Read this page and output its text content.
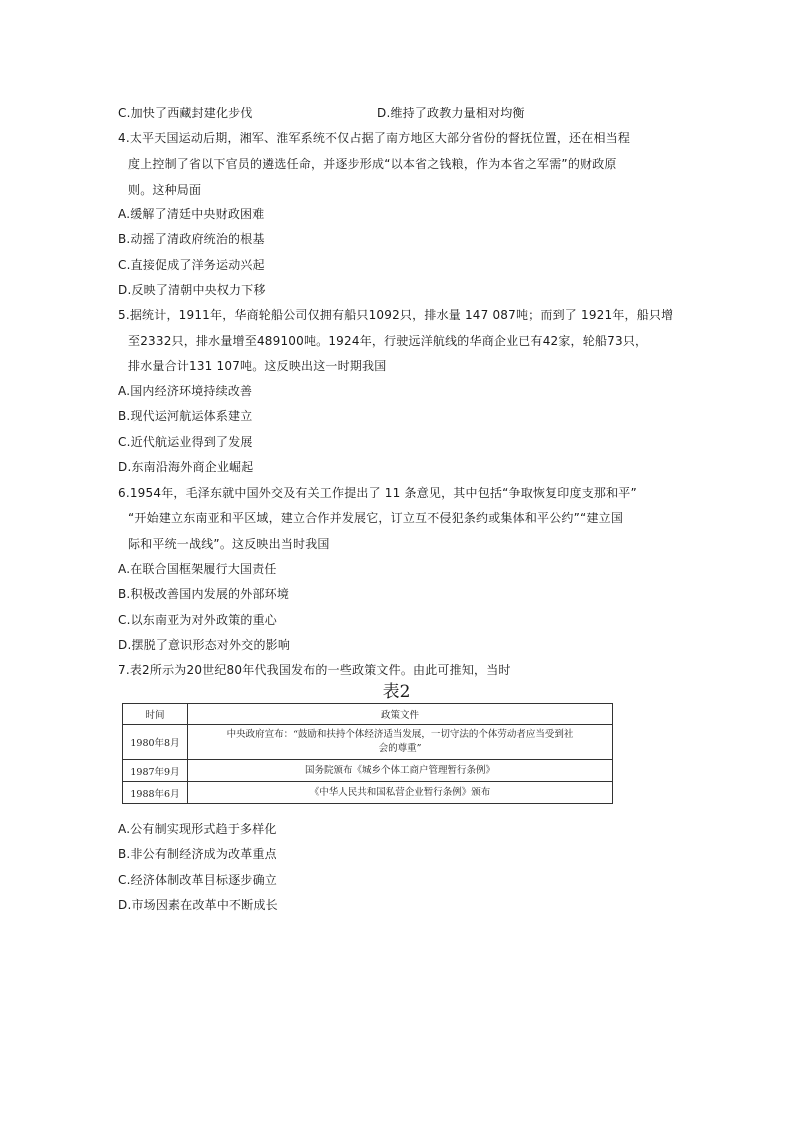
C.加快了西藏封建化步伐	D.维持了政教力量相对均衡
4.太平天国运动后期，湘军、淮军系统不仅占据了南方地区大部分省份的督抚位置，还在相当程
度上控制了省以下官员的遴选任命，并逐步形成“以本省之钱粮，作为本省之军需”的财政原
则。这种局面
A.缓解了清廷中央财政困难
B.动摇了清政府统治的根基
C.直接促成了洋务运动兴起
D.反映了清朝中央权力下移
5.据统计，1911年，华商轮船公司仅拥有船只1092只，排水量 147 087吨；而到了 1921年，船只增
至2332只，排水量增至489100吨。1924年，行驶远洋航线的华商企业已有42家，轮船73只，
排水量合计131 107吨。这反映出这一时期我国
A.国内经济环境持续改善
B.现代运河航运体系建立
C.近代航运业得到了发展
D.东南沿海外商企业崛起
6.1954年，毛泽东就中国外交及有关工作提出了 11 条意见，其中包括“争取恢复印度支那和平”
“开始建立东南亚和平区域，建立合作并发展它，订立互不侵犯条约或集体和平公约”“建立国
际和平统一战线”。这反映出当时我国
A.在联合国框架履行大国责任
B.积极改善国内发展的外部环境
C.以东南亚为对外政策的重心
D.摆脱了意识形态对外交的影响
7.表2所示为20世纪80年代我国发布的一些政策文件。由此可推知，当时
表2
时间	政策文件
1980年8月	中央政府宣布：“鼓励和扶持个体经济适当发展，一切守法的个体劳动者应当受到社
会的尊重”

1987年9月	国务院颁布《城乡个体工商户管理暂行条例》
1988年6月	《中华人民共和国私营企业暂行条例》颁布
A.公有制实现形式趋于多样化
B.非公有制经济成为改革重点
C.经济体制改革目标逐步确立
D.市场因素在改革中不断成长
